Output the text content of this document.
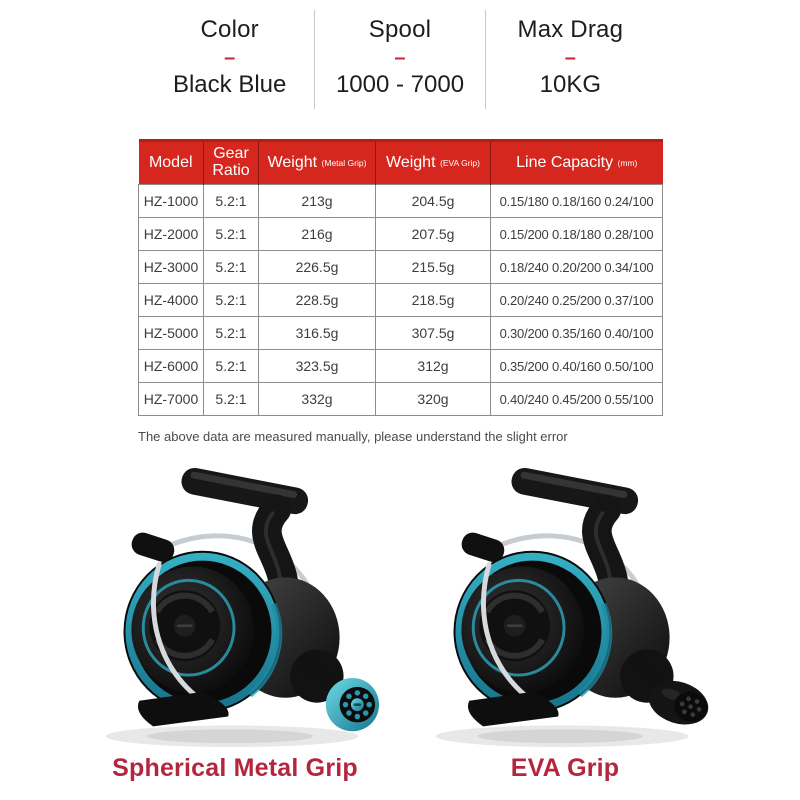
Color
–
Black Blue
Spool
–
1000 - 7000
Max Drag
–
10KG
Model	Gear Ratio	Weight (Metal Grip)	Weight (EVA Grip)	Line Capacity (mm)
HZ-1000	5.2:1	213g	204.5g	0.15/180 0.18/160 0.24/100
HZ-2000	5.2:1	216g	207.5g	0.15/200 0.18/180 0.28/100
HZ-3000	5.2:1	226.5g	215.5g	0.18/240 0.20/200 0.34/100
HZ-4000	5.2:1	228.5g	218.5g	0.20/240 0.25/200 0.37/100
HZ-5000	5.2:1	316.5g	307.5g	0.30/200 0.35/160 0.40/100
HZ-6000	5.2:1	323.5g	312g	0.35/200 0.40/160 0.50/100
HZ-7000	5.2:1	332g	320g	0.40/240 0.45/200 0.55/100

The above data are measured manually, please understand the slight error

Spherical Metal Grip	EVA Grip
